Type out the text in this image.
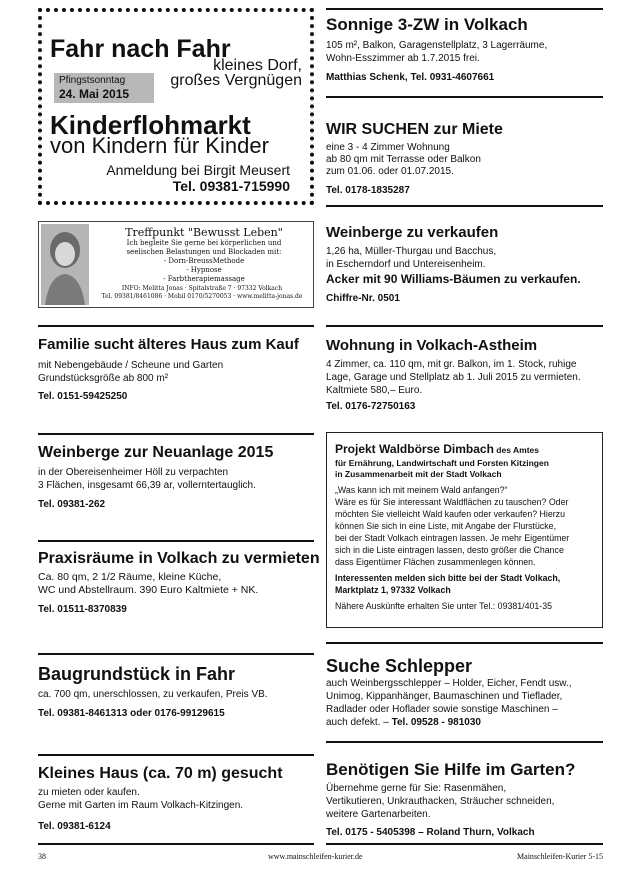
Fahr nach Fahr
kleines Dorf,
großes Vergnügen
Pfingstsonntag
24. Mai 2015
Kinderflohmarkt
von Kindern für Kinder
Anmeldung bei Birgit Meusert
Tel. 09381-715990
Treffpunkt "Bewusst Leben"
Ich begleite Sie gerne bei körperlichen und
seelischen Belastungen und Blockaden mit:
- Dorn-BreussMethode
- Hypnose
- Farbtherapiemassage
INFO: Melitta Jonas · Spitalstraße 7 · 97332 Volkach
Tel. 09381/8461086 · Mobil 0170/5270053 · www.melitta-jonas.de
Familie sucht älteres Haus zum Kauf
mit Nebengebäude / Scheune und Garten
Grundstücksgröße ab 800 m²
Tel. 0151-59425250
Weinberge zur Neuanlage 2015
in der Obereisenheimer Höll zu verpachten
3 Flächen, insgesamt 66,39 ar, vollerntertauglich.
Tel. 09381-262
Praxisräume in Volkach zu vermieten
Ca. 80 qm, 2 1/2 Räume, kleine Küche,
WC und Abstellraum. 390 Euro Kaltmiete + NK.
Tel. 01511-8370839
Baugrundstück in Fahr
ca. 700 qm, unerschlossen, zu verkaufen, Preis VB.
Tel. 09381-8461313 oder 0176-99129615
Kleines Haus (ca. 70 m) gesucht
zu mieten oder kaufen.
Gerne mit Garten im Raum Volkach-Kitzingen.
Tel. 09381-6124
Sonnige 3-ZW in Volkach
105 m², Balkon, Garagenstellplatz, 3 Lagerräume,
Wohn-Esszimmer ab 1.7.2015 frei.
Matthias Schenk, Tel. 0931-4607661
WIR SUCHEN zur Miete
eine 3 - 4 Zimmer Wohnung
ab 80 qm mit Terrasse oder Balkon
zum 01.06. oder 01.07.2015.
Tel. 0178-1835287
Weinberge zu verkaufen
1,26 ha, Müller-Thurgau und Bacchus,
in Escherndorf und Untereisenheim.
Acker mit 90 Williams-Bäumen zu verkaufen.
Chiffre-Nr. 0501
Wohnung in Volkach-Astheim
4 Zimmer, ca. 110 qm, mit gr. Balkon, im 1. Stock, ruhige
Lage, Garage und Stellplatz ab 1. Juli 2015 zu vermieten.
Kaltmiete 580,– Euro.
Tel. 0176-72750163
Projekt Waldbörse Dimbach des Amtes
für Ernährung, Landwirtschaft und Forsten Kitzingen
in Zusammenarbeit mit der Stadt Volkach
„Was kann ich mit meinem Wald anfangen?“
Wäre es für Sie interessant Waldflächen zu tauschen? Oder
möchten Sie vielleicht Wald kaufen oder verkaufen? Hierzu
können Sie sich in eine Liste, mit Angabe der Flurstücke,
bei der Stadt Volkach eintragen lassen. Je mehr Eigentümer
sich in die Liste eintragen lassen, desto größer die Chance
dass Eigentümer Flächen zusammenlegen können.
Interessenten melden sich bitte bei der Stadt Volkach,
Marktplatz 1, 97332 Volkach
Nähere Auskünfte erhalten Sie unter Tel.: 09381/401-35
Suche Schlepper
auch Weinbergsschlepper – Holder, Eicher, Fendt usw.,
Unimog, Kippanhänger, Baumaschinen und Tieflader,
Radlader oder Hoflader sowie sonstige Maschinen –
auch defekt. – Tel. 09528 - 981030
Benötigen Sie Hilfe im Garten?
Übernehme gerne für Sie: Rasenmähen,
Vertikutieren, Unkrauthacken, Sträucher schneiden,
weitere Gartenarbeiten.
Tel. 0175 - 5405398 – Roland Thurn, Volkach
38	www.mainschleifen-kurier.de	Mainschleifen-Kurier 5-15
